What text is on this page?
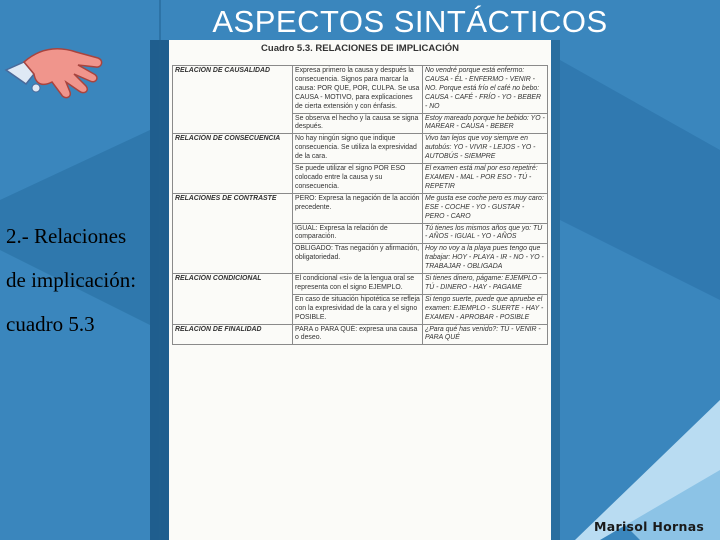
ASPECTOS SINTÁCTICOS
2.- Relaciones
de implicación:
cuadro 5.3
Cuadro 5.3. RELACIONES DE IMPLICACIÓN
RELACIÓN DE CAUSALIDAD	Expresa primero la causa y después la consecuencia. Signos para marcar la causa: POR QUE, POR, CULPA. Se usa CAUSA - MOTIVO, para explicaciones de cierta extensión y con énfasis.	No vendré porque está enfermo: CAUSA - ÉL - ENFERMO - VENIR - NO. Porque está frío el café no bebo: CAUSA - CAFÉ - FRÍO - YO - BEBER - NO
	Se observa el hecho y la causa se signa después.	Estoy mareado porque he bebido: YO - MAREAR - CAUSA - BEBER
RELACIÓN DE CONSECUENCIA	No hay ningún signo que indique consecuencia. Se utiliza la expresividad de la cara.	Vivo tan lejos que voy siempre en autobús: YO - VIVIR - LEJOS - YO - AUTOBÚS - SIEMPRE
	Se puede utilizar el signo POR ESO colocado entre la causa y su consecuencia.	El examen está mal por eso repetiré: EXAMEN - MAL - POR ESO - TÚ - REPETIR
RELACIONES DE CONTRASTE	PERO: Expresa la negación de la acción precedente.	Me gusta ese coche pero es muy caro: ESE - COCHE - YO - GUSTAR - PERO - CARO
	IGUAL: Expresa la relación de comparación.	Tú tienes los mismos años que yo: TÚ - AÑOS - IGUAL - YO - AÑOS
	OBLIGADO: Tras negación y afirmación, obligatoriedad.	Hoy no voy a la playa pues tengo que trabajar: HOY - PLAYA - IR - NO - YO - TRABAJAR - OBLIGADA
RELACIÓN CONDICIONAL	El condicional «si» de la lengua oral se representa con el signo EJEMPLO.	Si tienes dinero, págame: EJEMPLO - TÚ - DINERO - HAY - PAGAME
	En caso de situación hipotética se refleja con la expresividad de la cara y el signo POSIBLE.	Si tengo suerte, puede que apruebe el examen: EJEMPLO - SUERTE - HAY - EXAMEN - APROBAR - POSIBLE
RELACIÓN DE FINALIDAD	PARA o PARA QUÉ: expresa una causa o deseo.	¿Para qué has venido?: TÚ - VENIR - PARA QUÉ
Marisol Hornas
